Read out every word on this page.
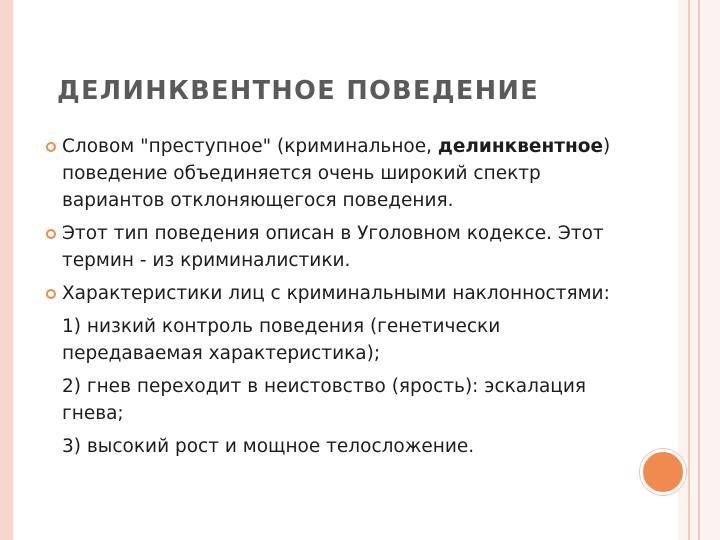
ДЕЛИНКВЕНТНОЕ ПОВЕДЕНИЕ
Словом "преступное" (криминальное, делинквентное) поведение объединяется очень широкий спектр вариантов отклоняющегося поведения.
Этот тип поведения описан в Уголовном кодексе. Этот термин - из криминалистики.
Характеристики лиц с криминальными наклонностями:
1) низкий контроль поведения (генетически передаваемая характеристика);
2) гнев переходит в неистовство (ярость): эскалация гнева;
3) высокий рост и мощное телосложение.
